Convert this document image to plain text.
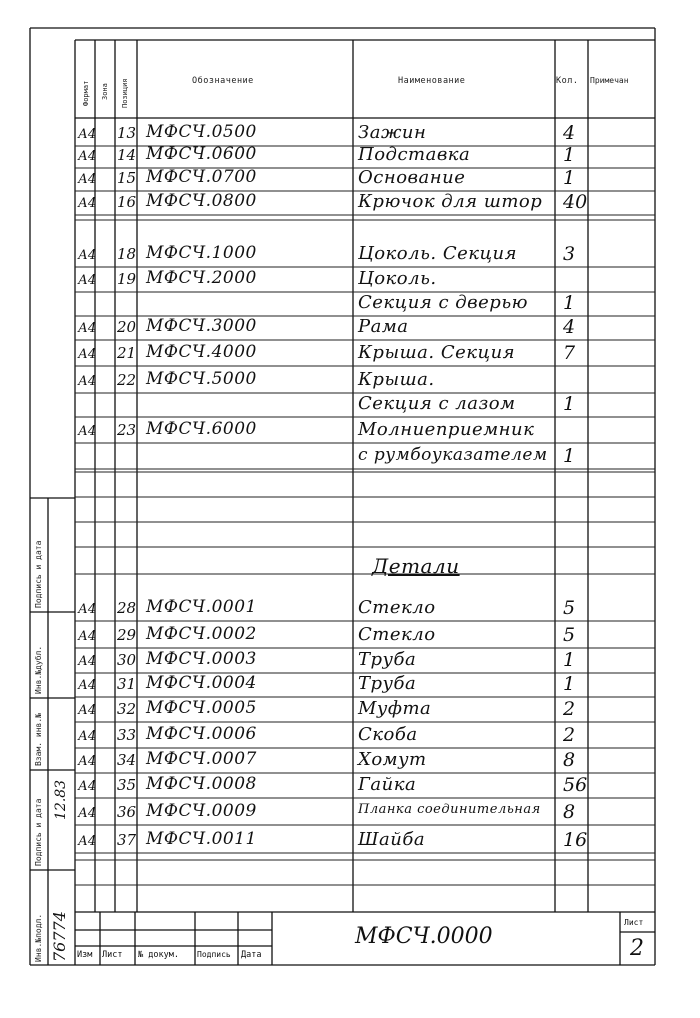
Формат Зона Позиция	Обозначение	Наименование	Кол. Примечан
А4 13 МФСЧ.0500	Зажин	4
А4 14 МФСЧ.0600	Подставка	1
А4 15 МФСЧ.0700	Основание	1
А4 16 МФСЧ.0800	Крючок для штор 40
А4 18 МФСЧ.1000	Цоколь. Секция 3
А4 19 МФСЧ.2000	Цоколь.
Секция с дверью 1
А4 20 МФСЧ.3000	Рама	4
А4 21 МФСЧ.4000	Крыша. Секция	7
А4 22 МФСЧ.5000	Крыша.
Секция с лазом 1
А4 23 МФСЧ.6000	Молниеприемник
с румбоуказателем 1
А4 28 МФСЧ.0001	Стекло	5
А4 29 МФСЧ.0002	Стекло	5
А4 30 МФСЧ.0003	Труба	1
А4 31 МФСЧ.0004	Труба	1
А4 32 МФСЧ.0005	Муфта	2
А4 33 МФСЧ.0006	Скоба	2
А4 34 МФСЧ.0007	Хомут	8
А4 35 МФСЧ.0008	Гайка	56
А4 36 МФСЧ.0009	Планка соединительная 8
А4 37 МФСЧ.0011	Шайба	16
Детали
Изм Лист № докум. Подпись Дата
МФСЧ.0000
Лист
2
Инв.№подл.
Подпись и дата
Взам. инв.№
Инв.№дубл.
Подпись и дата
76774
12.83
